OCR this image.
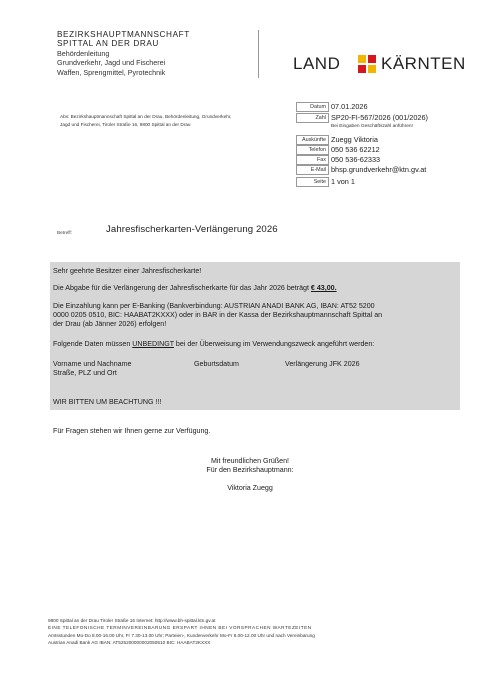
BEZIRKSHAUPTMANNSCHAFT
SPITTAL AN DER DRAU
Behördenleitung
Grundverkehr, Jagd und Fischerei
Waffen, Sprengmittel, Pyrotechnik	LAND KÄRNTEN
Abs: Bezirkshauptmannschaft Spittal an der Drau, Behördenleitung, Grundverkehr,
Jagd und Fischerei, Tiroler Straße 16, 9800 Spittal an der Drau
Datum 07.01.2026
Zahl SP20-FI-567/2026 (001/2026)
Bei Eingaben Geschäftszahl anführen!
Auskünfte Zuegg Viktoria
Telefon 050 536 62212
Fax 050 536-62333
E-Mail bhsp.grundverkehr@ktn.gv.at
Seite 1 von 1
Betreff:	Jahresfischerkarten-Verlängerung 2026

Sehr geehrte Besitzer einer Jahresfischerkarte!

Die Abgabe für die Verlängerung der Jahresfischerkarte für das Jahr 2026 beträgt € 43,00.

Die Einzahlung kann per E-Banking (Bankverbindung: AUSTRIAN ANADI BANK AG, IBAN: AT52 5200
0000 0205 0510, BIC: HAABAT2KXXX) oder in BAR in der Kassa der Bezirkshauptmannschaft Spittal an
der Drau (ab Jänner 2026) erfolgen!

Folgende Daten müssen UNBEDINGT bei der Überweisung im Verwendungszweck angeführt werden:

Vorname und Nachname	Geburtsdatum	Verlängerung JFK 2026
Straße, PLZ und Ort
WIR BITTEN UM BEACHTUNG !!!
Für Fragen stehen wir Ihnen gerne zur Verfügung.
Mit freundlichen Grüßen!
Für den Bezirkshauptmann:
Viktoria Zuegg
9800 Spittal an der Drau Tiroler Straße 16 Internet: http://www.bh-spittal.ktn.gv.at
EINE TELEFONISCHE TERMINVEREINBARUNG ERSPART IHNEN BEI VORSPRACHEN WARTEZEITEN
Amtsstunden Mo-Do 8.00-16.00 Uhr, Fr 7.30-13.00 Uhr; Parteien-, Kundenverkehr Mo-Fr 8.00-12.00 Uhr und nach Vereinbarung
Austrian Anadi Bank AG IBAN: AT525200000002050510 BIC: HAABAT2KXXX
